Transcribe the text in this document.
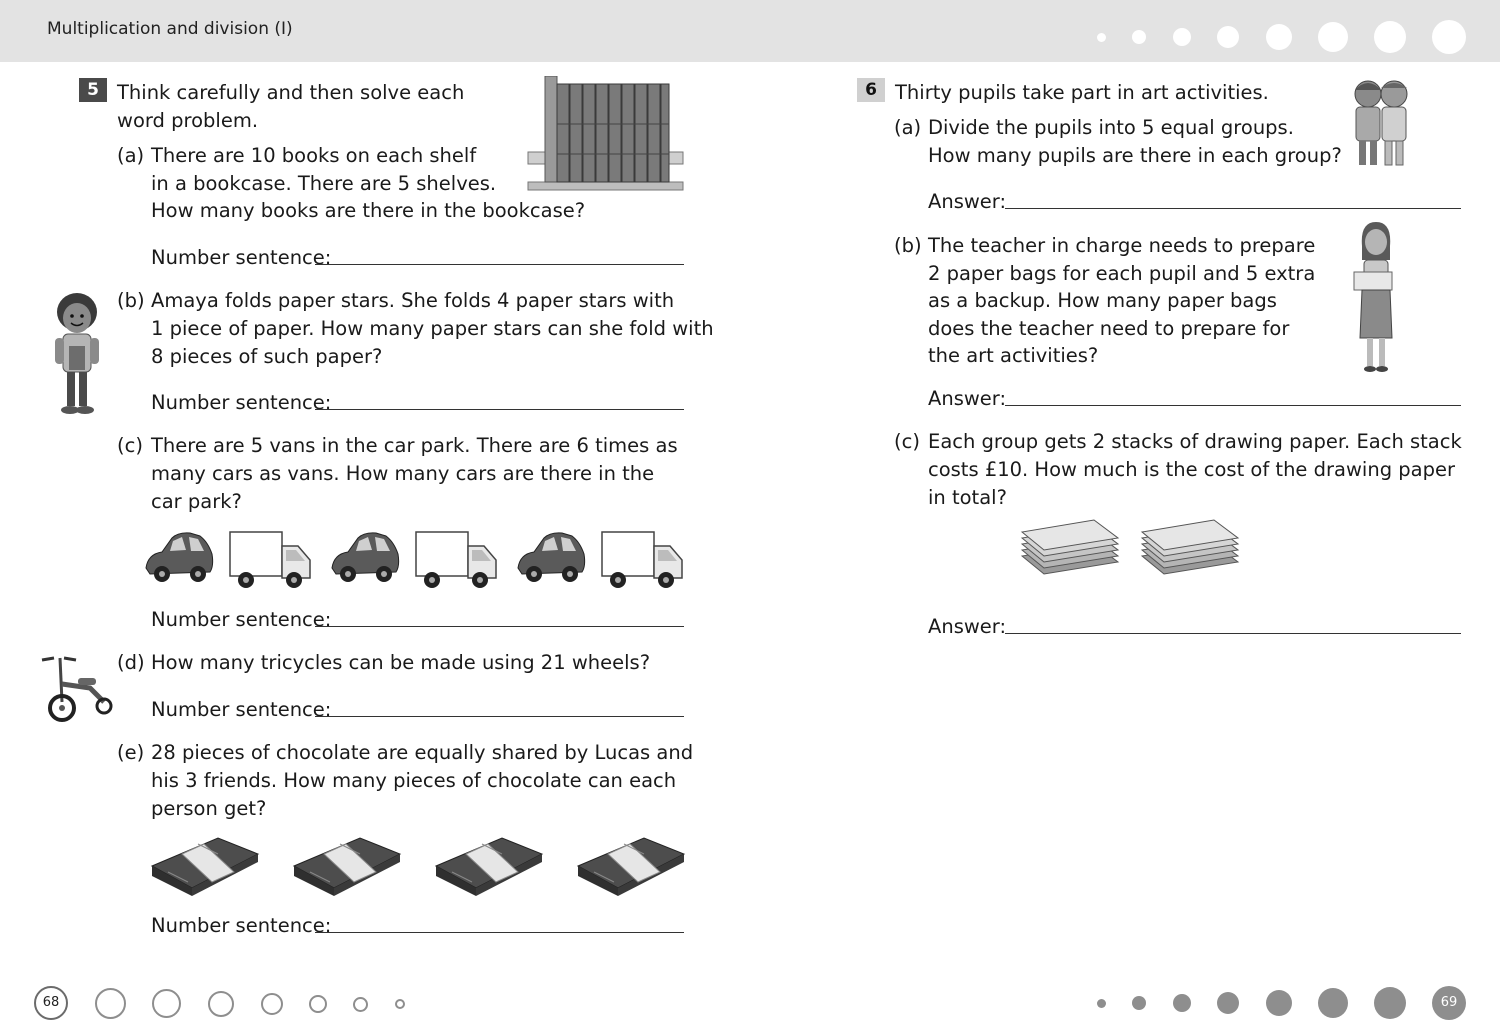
Multiplication and division (I)
5 Think carefully and then solve each
word problem.
(a) There are 10 books on each shelf
in a bookcase. There are 5 shelves.
How many books are there in the bookcase?
Number sentence:
(b) Amaya folds paper stars. She folds 4 paper stars with
1 piece of paper. How many paper stars can she fold with
8 pieces of such paper?
Number sentence:
(c) There are 5 vans in the car park. There are 6 times as
many cars as vans. How many cars are there in the
car park?
Number sentence:
(d) How many tricycles can be made using 21 wheels?
Number sentence:
(e) 28 pieces of chocolate are equally shared by Lucas and
his 3 friends. How many pieces of chocolate can each
person get?
Number sentence:
6 Thirty pupils take part in art activities.
(a) Divide the pupils into 5 equal groups.
How many pupils are there in each group?
Answer:
(b) The teacher in charge needs to prepare
2 paper bags for each pupil and 5 extra
as a backup. How many paper bags
does the teacher need to prepare for
the art activities?
Answer:
(c) Each group gets 2 stacks of drawing paper. Each stack
costs £10. How much is the cost of the drawing paper
in total?
Answer:
68	69
